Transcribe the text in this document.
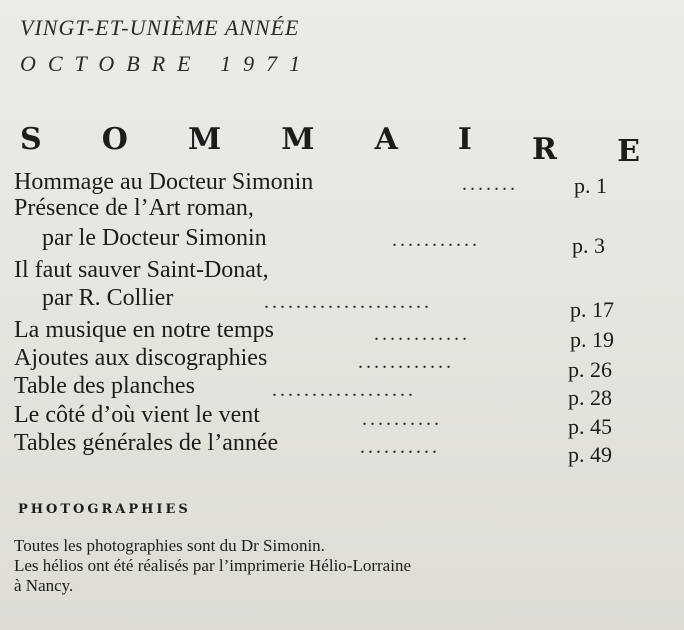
VINGT-ET-UNIÈME ANNÉE
OCTOBRE 1971
S O M M A I R E
Hommage au Docteur Simonin	.......	p. 1
Présence de l’Art roman,
par le Docteur Simonin	...........	p. 3
Il faut sauver Saint-Donat,
par R. Collier	.....................	p. 17
La musique en notre temps	............	p. 19
Ajoutes aux discographies	............	p. 26
Table des planches	..................	p. 28
Le côté d’où vient le vent	..........	p. 45
Tables générales de l’année	..........	p. 49
PHOTOGRAPHIES
Toutes les photographies sont du Dr Simonin.
Les hélios ont été réalisés par l’imprimerie Hélio-Lorraine
à Nancy.
